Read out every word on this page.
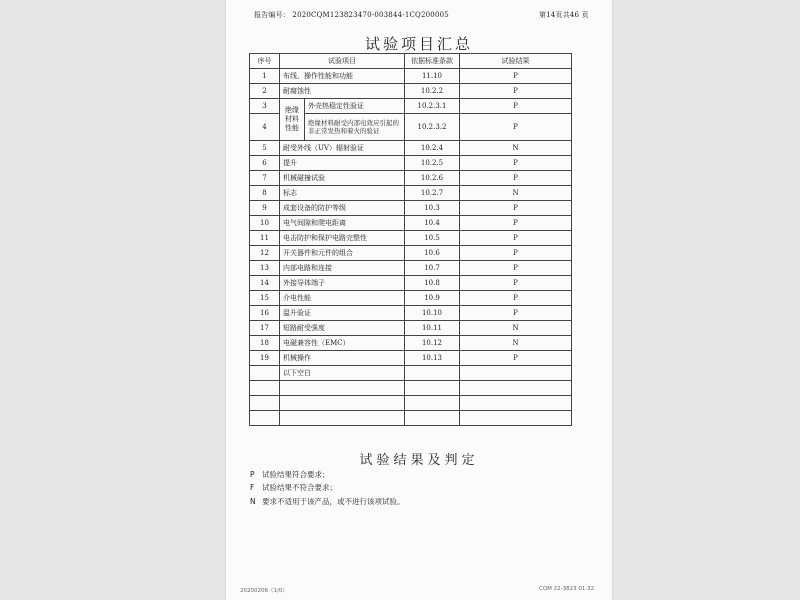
报告编号： 2020CQM123823470-003844-1CQ200005	第14页共46 页
试验项目汇总
序号	试验项目		依据标准条款	试验结果
1	布线、操作性能和功能		11.10	P
2	耐腐蚀性		10.2.2	P
3	绝缘材料性能	外壳热稳定性验证	10.2.3.1	P
4		绝缘材料耐受内部电效应引起的非正常发热和着火的验证	10.2.3.2	P
5	耐受外线（UV）辐射验证		10.2.4	N
6	提升		10.2.5	P
7	机械碰撞试验		10.2.6	P
8	标志		10.2.7	N
9	成套设备的防护等级		10.3	P
10	电气间隙和爬电距离		10.4	P
11	电击防护和保护电路完整性		10.5	P
12	开关器件和元件的组合		10.6	P
13	内部电路和连接		10.7	P
14	外接导体端子		10.8	P
15	介电性能		10.9	P
16	温升验证		10.10	P
17	短路耐受强度		10.11	N
18	电磁兼容性（EMC）		10.12	N
19	机械操作		10.13	P
	以下空白			

试验结果及判定
P 试验结果符合要求；
F 试验结果不符合要求；
N 要求不适用于该产品，或不进行该项试验。
20200206（1/0）	CQM 22-3823 01.32
